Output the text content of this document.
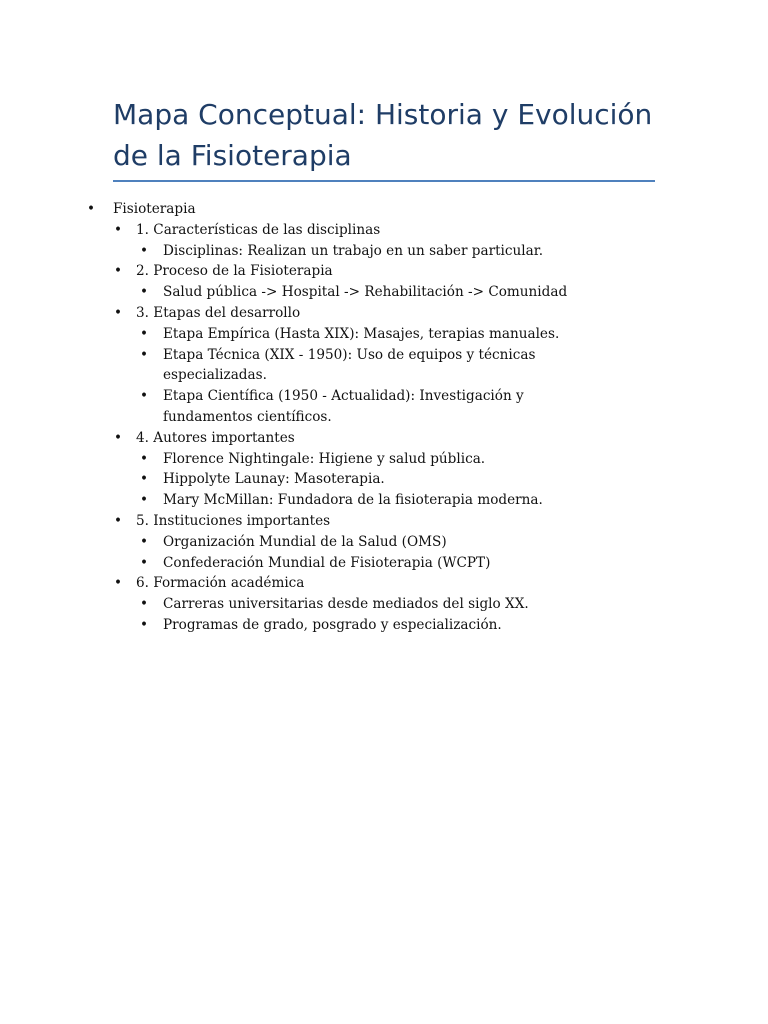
Mapa Conceptual: Historia y Evolución de la Fisioterapia
• Fisioterapia
• 1. Características de las disciplinas
• Disciplinas: Realizan un trabajo en un saber particular.
• 2. Proceso de la Fisioterapia
• Salud pública -> Hospital -> Rehabilitación -> Comunidad
• 3. Etapas del desarrollo
• Etapa Empírica (Hasta XIX): Masajes, terapias manuales.
• Etapa Técnica (XIX - 1950): Uso de equipos y técnicas especializadas.
• Etapa Científica (1950 - Actualidad): Investigación y fundamentos científicos.
• 4. Autores importantes
• Florence Nightingale: Higiene y salud pública.
• Hippolyte Launay: Masoterapia.
• Mary McMillan: Fundadora de la fisioterapia moderna.
• 5. Instituciones importantes
• Organización Mundial de la Salud (OMS)
• Confederación Mundial de Fisioterapia (WCPT)
• 6. Formación académica
• Carreras universitarias desde mediados del siglo XX.
• Programas de grado, posgrado y especialización.
